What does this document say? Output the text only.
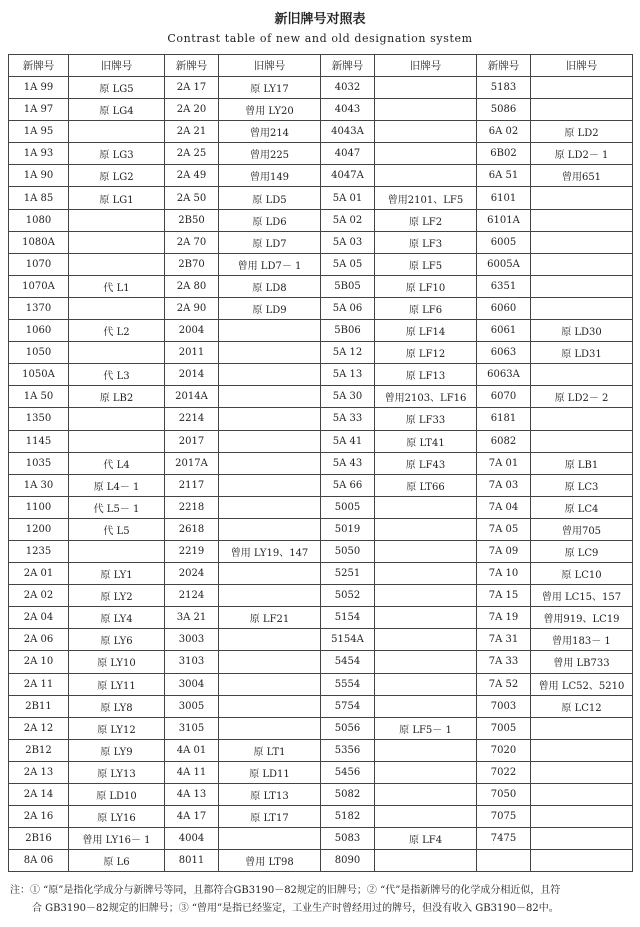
新旧牌号对照表
Contrast table of new and old designation system
新牌号	旧牌号	新牌号	旧牌号	新牌号	旧牌号	新牌号	旧牌号
1A 99	原 LG5	2A 17	原 LY17	4032		5183	
1A 97	原 LG4	2A 20	曾用 LY20	4043		5086	
1A 95		2A 21	曾用214	4043A		6A 02	原 LD2
1A 93	原 LG3	2A 25	曾用225	4047		6B02	原 LD2－ 1
1A 90	原 LG2	2A 49	曾用149	4047A		6A 51	曾用651
1A 85	原 LG1	2A 50	原 LD5	5A 01	曾用2101、LF5	6101	
1080		2B50	原 LD6	5A 02	原 LF2	6101A	
1080A		2A 70	原 LD7	5A 03	原 LF3	6005	
1070		2B70	曾用 LD7－ 1	5A 05	原 LF5	6005A	
1070A	代 L1	2A 80	原 LD8	5B05	原 LF10	6351	
1370		2A 90	原 LD9	5A 06	原 LF6	6060	
1060	代 L2	2004		5B06	原 LF14	6061	原 LD30
1050		2011		5A 12	原 LF12	6063	原 LD31
1050A	代 L3	2014		5A 13	原 LF13	6063A	
1A 50	原 LB2	2014A		5A 30	曾用2103、LF16	6070	原 LD2－ 2
1350		2214		5A 33	原 LF33	6181	
1145		2017		5A 41	原 LT41	6082	
1035	代 L4	2017A		5A 43	原 LF43	7A 01	原 LB1
1A 30	原 L4－ 1	2117		5A 66	原 LT66	7A 03	原 LC3
1100	代 L5－ 1	2218		5005		7A 04	原 LC4
1200	代 L5	2618		5019		7A 05	曾用705
1235		2219	曾用 LY19、147	5050		7A 09	原 LC9
2A 01	原 LY1	2024		5251		7A 10	原 LC10
2A 02	原 LY2	2124		5052		7A 15	曾用 LC15、157
2A 04	原 LY4	3A 21	原 LF21	5154		7A 19	曾用919、LC19
2A 06	原 LY6	3003		5154A		7A 31	曾用183－ 1
2A 10	原 LY10	3103		5454		7A 33	曾用 LB733
2A 11	原 LY11	3004		5554		7A 52	曾用 LC52、5210
2B11	原 LY8	3005		5754		7003	原 LC12
2A 12	原 LY12	3105		5056	原 LF5－ 1	7005	
2B12	原 LY9	4A 01	原 LT1	5356		7020	
2A 13	原 LY13	4A 11	原 LD11	5456		7022	
2A 14	原 LD10	4A 13	原 LT13	5082		7050	
2A 16	原 LY16	4A 17	原 LT17	5182		7075	
2B16	曾用 LY16－ 1	4004		5083	原 LF4	7475	
8A 06	原 L6	8011	曾用 LT98	8090			
注：① “原”是指化学成分与新牌号等同，且都符合GB3190－82规定的旧牌号；② “代”是指新牌号的化学成分相近似，且符
合 GB3190－82规定的旧牌号；③ “曾用”是指已经鉴定，工业生产时曾经用过的牌号，但没有收入 GB3190－82中。
